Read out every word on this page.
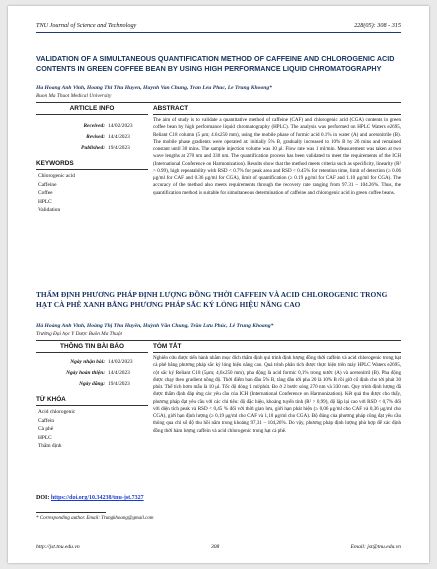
TNU Journal of Science and Technology	228(05): 308 - 315
VALIDATION OF A SIMULTANEOUS QUANTIFICATION METHOD OF CAFFEINE AND CHLOROGENIC ACID CONTENTS IN GREEN COFFEE BEAN BY USING HIGH PERFORMANCE LIQUID CHROMATOGRAPHY
Ha Hoang Anh Vinh, Hoang Thi Thu Huyen, Huynh Van Chung, Tran Leu Phuc, Le Trung Khoong*
Buon Ma Thuot Medical University
ARTICLE INFO
Received: 14/02/2023
Revised: 14/4/2023
Published: 19/4/2023
KEYWORDS
Chlorogenic acid
Caffeine
Coffee
HPLC
Validation
ABSTRACT
The aim of study is to validate a quantitative method of caffeine (CAF) and chlorogenic acid (CGA) contents in green coffee bean by high performance liquid chromatography (HPLC). The analysis was performed on HPLC Waters e2695, Reliant C18 column (5 μm; 4.6x250 mm), using the mobile phase of formic acid 0.1% in water (A) and acetonitrile (B). The mobile phase gradients were operated at: initially 5% B, gradually increased to 10% B by 20 mins and remained constant until 30 mins. The sample injection volume was 10 μl. Flow rate was 1 ml/min. Measurement was taken at two wave lengths at 270 nm and 330 nm. The quantification process has been validated to meet the requirements of the ICH (International Conference on Harmonization). Results show that the method meets criteria such as specificity, linearity (R² > 0.99), high repeatability with RSD < 0.7% for peak area and RSD < 0.45% for retention time, limit of detection (≥ 0.06 μg/ml for CAF and 0.36 μg/ml for CGA), limit of quantification (≥ 0.19 μg/ml for CAF and 1.10 μg/ml for CGA). The accuracy of the method also meets requirements through the recovery rate ranging from 97.31 – 104.26%. Thus, the quantification method is suitable for simultaneous determination of caffeine and chlorogenic acid in green coffee beans.
THẨM ĐỊNH PHƯƠNG PHÁP ĐỊNH LƯỢNG ĐỒNG THỜI CAFFEIN VÀ ACID CHLOROGENIC TRONG HẠT CÀ PHÊ XANH BẰNG PHƯƠNG PHÁP SẮC KÝ LỎNG HIỆU NĂNG CAO
Hà Hoàng Anh Vinh, Hoàng Thị Thu Huyền, Huỳnh Văn Chung, Trần Lưu Phúc, Lê Trung Khoang*
Trường Đại học Y Dược Buôn Ma Thuột
THÔNG TIN BÀI BÁO
Ngày nhận bài: 14/02/2023
Ngày hoàn thiện: 14/4/2023
Ngày đăng: 19/4/2023
TỪ KHÓA
Acid chlorogenic
Caffein
Cà phê
HPLC
Thẩm định
TÓM TẮT
Nghiên cứu được tiến hành nhằm mục đích thẩm định qui trình định lượng đồng thời caffein và acid chlorogenic trong hạt cà phê bằng phương pháp sắc ký lỏng hiệu năng cao. Quá trình phân tích được thực hiện trên máy HPLC Waters e2695, cột sắc ký Reliant C18 (5μm; 4,6x250 mm), pha động là acid formic 0,1% trong nước (A) và acetonitril (B). Pha động được chạy theo gradient nồng độ. Thời điểm ban đầu 5% B, tăng dần tới pha 20 là 10% B rồi giữ cố định cho tới phút 30 phút. Thể tích bơm mẫu là 10 μl. Tốc độ dòng 1 ml/phút. Đo ở 2 bước sóng 270 nm và 330 nm. Quy trình định lượng đã được thẩm định đáp ứng các yêu cầu của ICH (International Conference on Harmonization). Kết quả thu được cho thấy, phương pháp đạt yêu cầu với các chỉ tiêu: độ đặc hiệu, khoảng tuyến tính (R² > 0,99), độ lặp lại cao với RSD < 0,7% đối với diện tích peak và RSD < 0,45 % đối với thời gian lưu, giới hạn phát hiện (≥ 0,06 μg/ml cho CAF và 0,36 μg/ml cho CGA), giới hạn định lượng (≥ 0,19 μg/ml cho CAF và 1,10 μg/ml cho CGA). Độ đúng của phương pháp cũng đạt yêu cầu thông qua chỉ số độ thu hồi nằm trong khoảng 97,31 – 104,26%. Do vậy, phương pháp định lượng phù hợp để xác định đồng thời hàm lượng caffein và acid chlorogenic trong hạt cà phê.
DOI: https://doi.org/10.34238/tnu-jst.7327
* Corresponding author. Email: Trungkhoang@gmail.com
http://jst.tnu.edu.vn	308	Email: jst@tnu.edu.vn
